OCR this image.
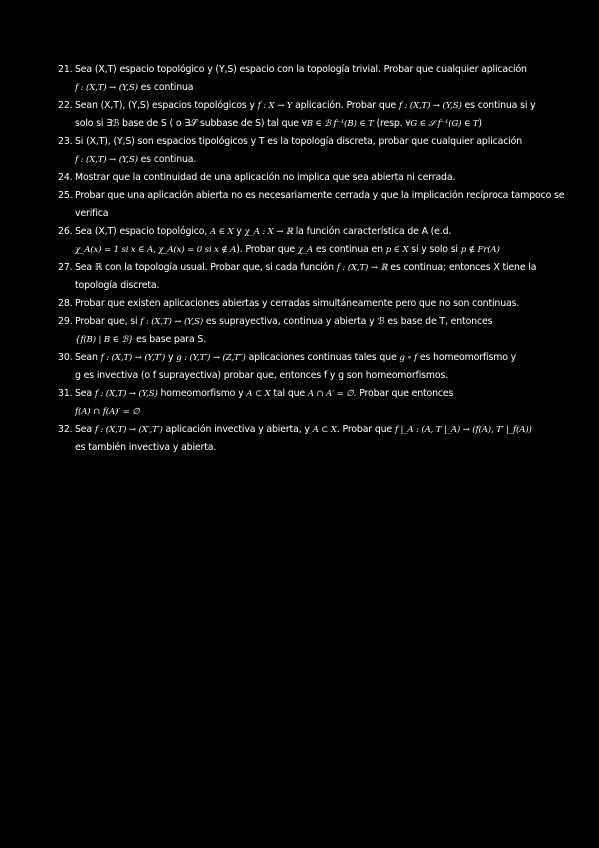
21. Sea (X,T) espacio topológico y (Y,S) espacio con la topología trivial. Probar que cualquier aplicación
f : (X,T) → (Y,S) es continua
22. Sean (X,T), (Y,S) espacios topológicos y f : X → Y aplicación. Probar que f : (X,T) → (Y,S) es continua si y
solo si ∃ℬ base de S ( o ∃𝒮 subbase de S) tal que ∀B ∈ ℬ f⁻¹(B) ∈ T (resp. ∀G ∈ 𝒮 f⁻¹(G) ∈ T)
23. Si (X,T), (Y,S) son espacios tipológicos y T es la topología discreta, probar que cualquier aplicación
f : (X,T) → (Y,S) es continua.
24. Mostrar que la continuidad de una aplicación no implica que sea abierta ni cerrada.
25. Probar que una aplicación abierta no es necesariamente cerrada y que la implicación recíproca tampoco se
verifica
26. Sea (X,T) espacio topológico, A ∈ X y χ_A : X → ℝ la función característica de A (e.d.
χ_A(x) = 1 si x ∈ A, χ_A(x) = 0 si x ∉ A). Probar que χ_A es continua en p ∈ X si y solo si p ∉ Fr(A)
27. Sea ℝ con la topología usual. Probar que, si cada función f : (X,T) → ℝ es continua; entonces X tiene la
topología discreta.
28. Probar que existen aplicaciones abiertas y cerradas simultáneamente pero que no son continuas.
29. Probar que, si f : (X,T) → (Y,S) es suprayectiva, continua y abierta y ℬ es base de T, entonces
{f(B) | B ∈ ℬ} es base para S.
30. Sean f : (X,T) → (Y,T′) y g : (Y,T′) → (Z,T″) aplicaciones continuas tales que g ∘ f es homeomorfismo y
g es invectiva (o f suprayectiva) probar que, entonces f y g son homeomorfismos.
31. Sea f : (X,T) → (Y,S) homeomorfismo y A ⊂ X tal que A ∩ A′ = ∅. Probar que entonces
f(A) ∩ f(A)′ = ∅
32. Sea f : (X,T) → (X′,T′) aplicación invectiva y abierta, y A ⊂ X. Probar que f |_A : (A, T |_A) → (f(A), T′ |_f(A))
es también invectiva y abierta.
